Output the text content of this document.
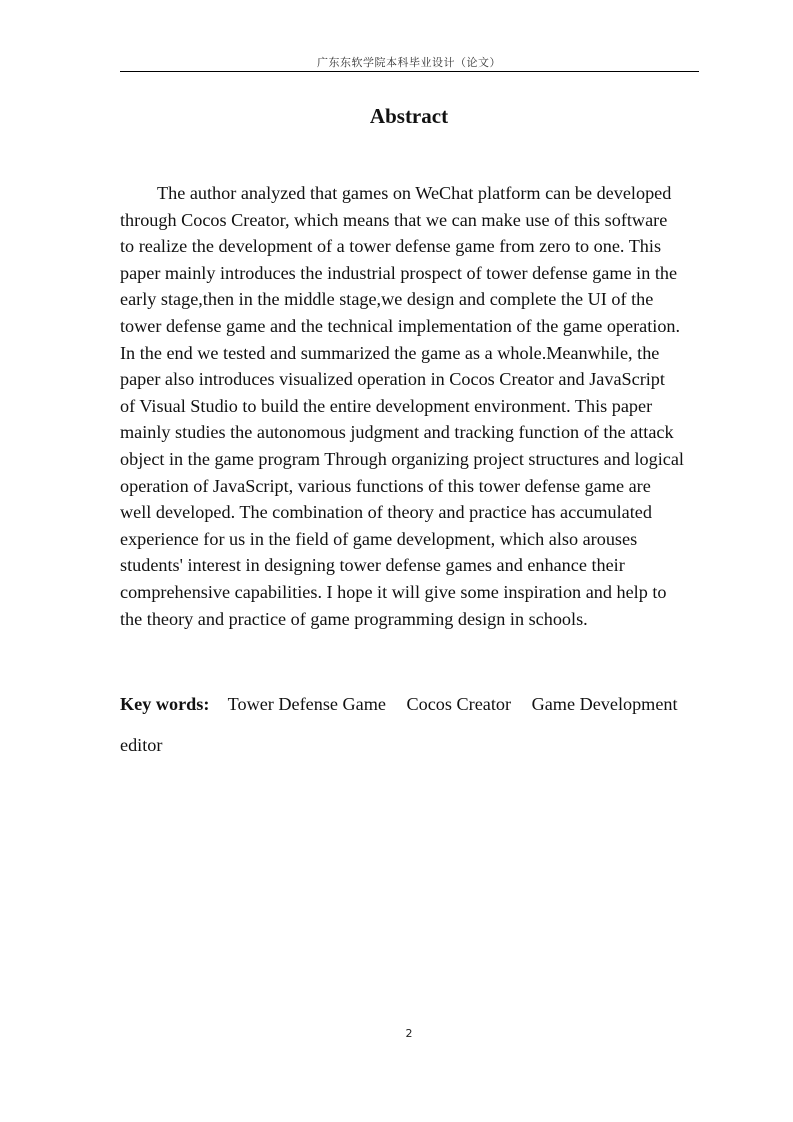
广东东软学院本科毕业设计（论文）
Abstract
The author analyzed that games on WeChat platform can be developed
through Cocos Creator, which means that we can make use of this software
to realize the development of a tower defense game from zero to one. This
paper mainly introduces the industrial prospect of tower defense game in the
early stage,then in the middle stage,we design and complete the UI of the
tower defense game and the technical implementation of the game operation.
In the end we tested and summarized the game as a whole.Meanwhile, the
paper also introduces visualized operation in Cocos Creator and JavaScript
of Visual Studio to build the entire development environment. This paper
mainly studies the autonomous judgment and tracking function of the attack
object in the game program Through organizing project structures and logical
operation of JavaScript, various functions of this tower defense game are
well developed. The combination of theory and practice has accumulated
experience for us in the field of game development, which also arouses
students' interest in designing tower defense games and enhance their
comprehensive capabilities. I hope it will give some inspiration and help to
the theory and practice of game programming design in schools.
Key words: Tower Defense Game Cocos Creator Game Development
editor
2
